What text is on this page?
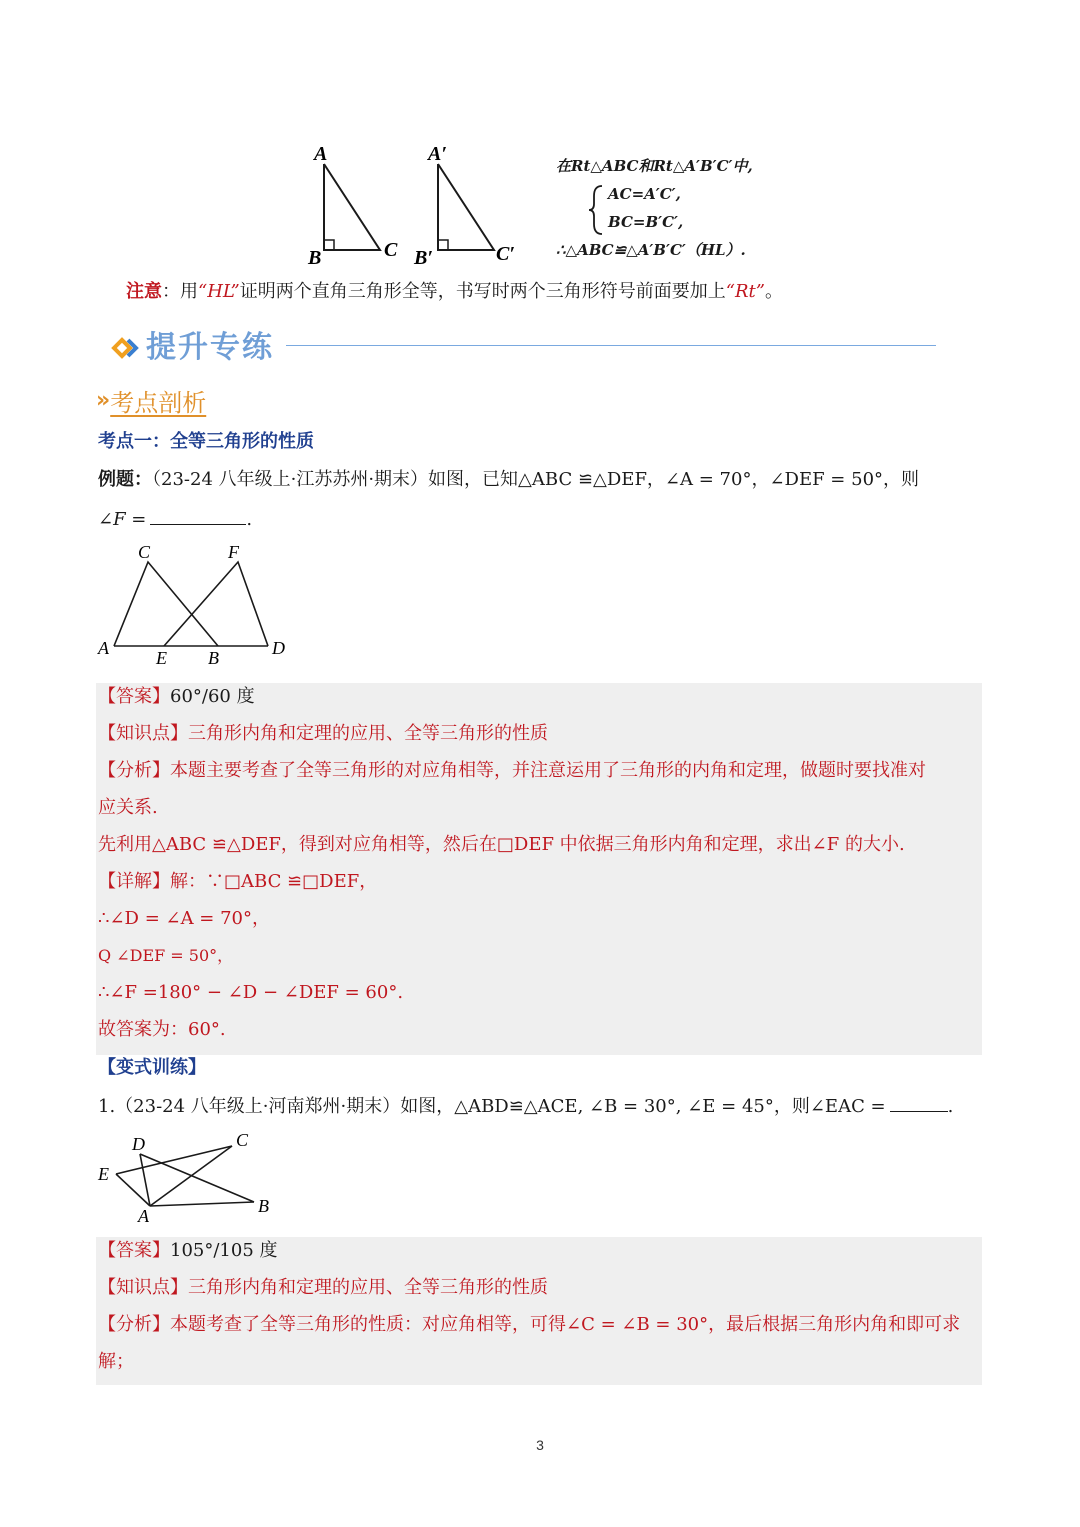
A
B	C
A′
B′	C′
在Rt△ABC和Rt△A′B′C′中,
AC=A′C′,
BC=B′C′,
∴△ABC≌△A′B′C′（HL）.
注意：用“HL”证明两个直角三角形全等，书写时两个三角形符号前面要加上“Rt”。
提升专练
»考点剖析
考点一：全等三角形的性质
例题：（23-24 八年级上·江苏苏州·期末）如图，已知△ABC ≌△DEF，∠A = 70°，∠DEF = 50°，则
∠F =	.
C	F
A	E B	D
【答案】60°/60 度
【知识点】三角形内角和定理的应用、全等三角形的性质
【分析】本题主要考查了全等三角形的对应角相等，并注意运用了三角形的内角和定理，做题时要找准对
应关系.
先利用△ABC ≌△DEF，得到对应角相等，然后在□DEF 中依据三角形内角和定理，求出∠F 的大小.
【详解】解：∵□ABC ≌□DEF，
∴∠D = ∠A = 70°，
Q ∠DEF = 50°，
∴∠F =180° − ∠D − ∠DEF = 60°.
故答案为：60°.
【变式训练】
1.（23-24 八年级上·河南郑州·期末）如图，△ABD≌△ACE, ∠B = 30°, ∠E = 45°，则∠EAC =	.
D	C
E
A	B
【答案】105°/105 度
【知识点】三角形内角和定理的应用、全等三角形的性质
【分析】本题考查了全等三角形的性质：对应角相等，可得∠C = ∠B = 30°，最后根据三角形内角和即可求
解；
3
